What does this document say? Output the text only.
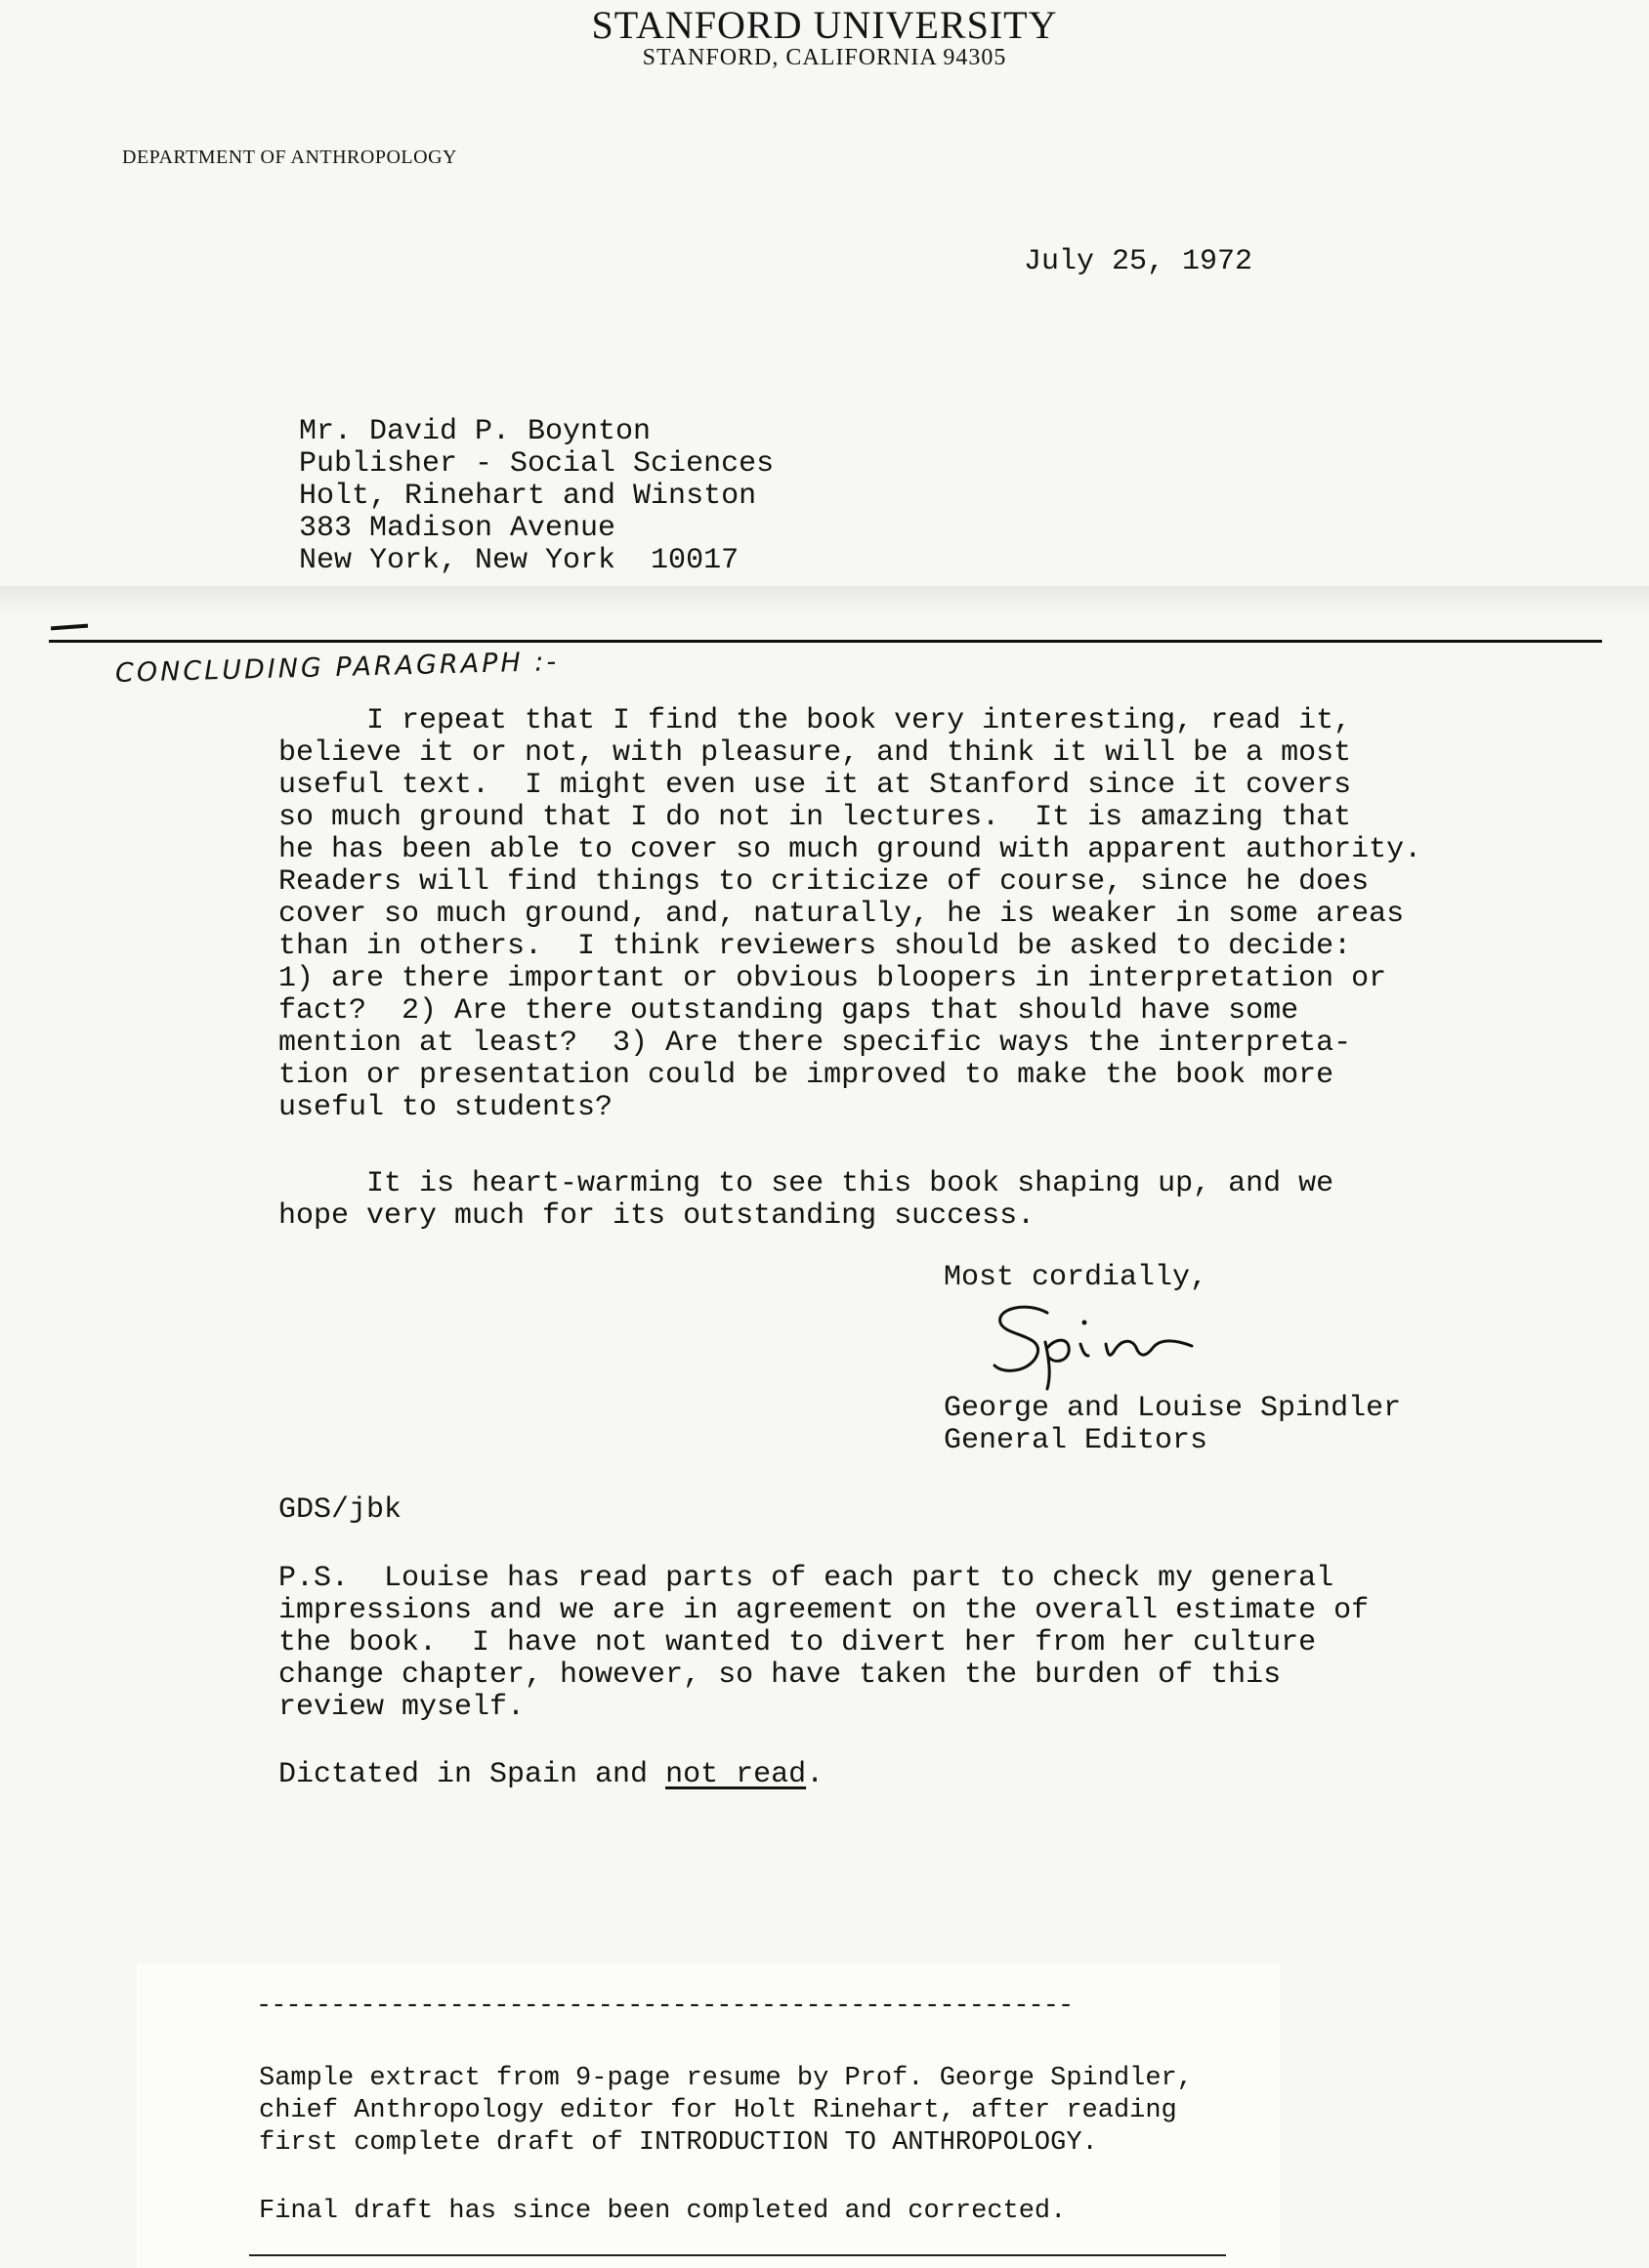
STANFORD UNIVERSITY
STANFORD, CALIFORNIA 94305
DEPARTMENT OF ANTHROPOLOGY
July 25, 1972
Mr. David P. Boynton
Publisher - Social Sciences
Holt, Rinehart and Winston
383 Madison Avenue
New York, New York  10017
CONCLUDING PARAGRAPH :-
I repeat that I find the book very interesting, read it,
believe it or not, with pleasure, and think it will be a most
useful text.  I might even use it at Stanford since it covers
so much ground that I do not in lectures.  It is amazing that
he has been able to cover so much ground with apparent authority.
Readers will find things to criticize of course, since he does
cover so much ground, and, naturally, he is weaker in some areas
than in others.  I think reviewers should be asked to decide:
1) are there important or obvious bloopers in interpretation or
fact?  2) Are there outstanding gaps that should have some
mention at least?  3) Are there specific ways the interpreta-
tion or presentation could be improved to make the book more
useful to students?
It is heart-warming to see this book shaping up, and we
hope very much for its outstanding success.
Most cordially,
George and Louise Spindler
General Editors
GDS/jbk
P.S.  Louise has read parts of each part to check my general
impressions and we are in agreement on the overall estimate of
the book.  I have not wanted to divert her from her culture
change chapter, however, so have taken the burden of this
review myself.
Dictated in Spain and not read.
-------------------------------------------------------
Sample extract from 9-page resume by Prof. George Spindler,
chief Anthropology editor for Holt Rinehart, after reading
first complete draft of INTRODUCTION TO ANTHROPOLOGY.
Final draft has since been completed and corrected.
